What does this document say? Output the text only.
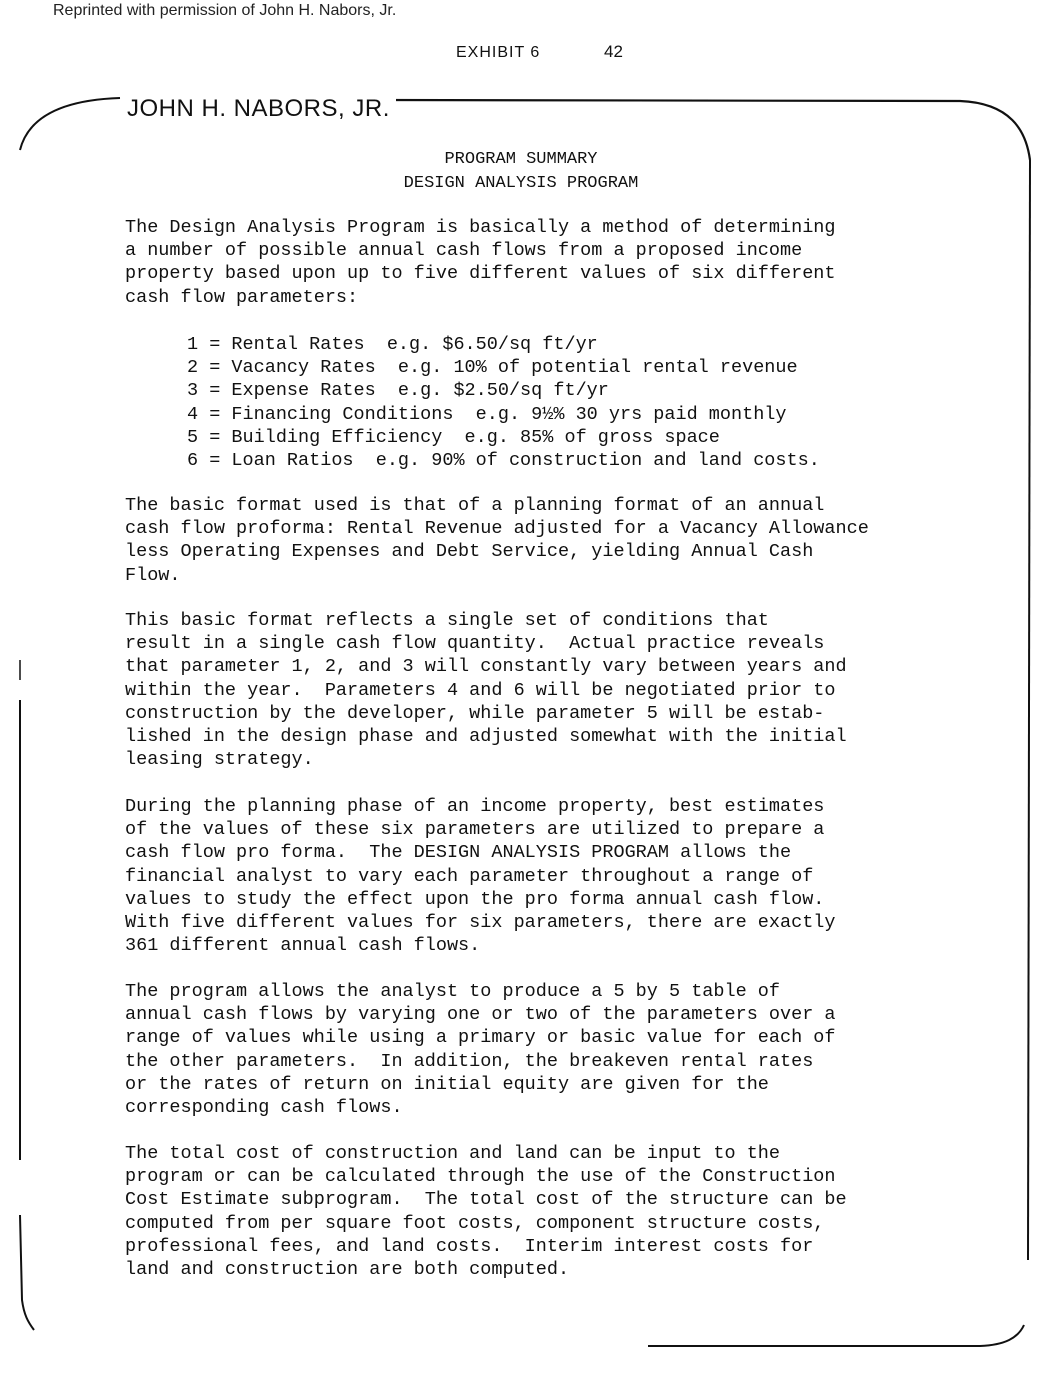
Reprinted with permission of John H. Nabors, Jr.
EXHIBIT 6	42
JOHN H. NABORS, JR.
PROGRAM SUMMARY
DESIGN ANALYSIS PROGRAM
The Design Analysis Program is basically a method of determining
a number of possible annual cash flows from a proposed income
property based upon up to five different values of six different
cash flow parameters:
1 = Rental Rates  e.g. $6.50/sq ft/yr
2 = Vacancy Rates  e.g. 10% of potential rental revenue
3 = Expense Rates  e.g. $2.50/sq ft/yr
4 = Financing Conditions  e.g. 9½% 30 yrs paid monthly
5 = Building Efficiency  e.g. 85% of gross space
6 = Loan Ratios  e.g. 90% of construction and land costs.
The basic format used is that of a planning format of an annual
cash flow proforma: Rental Revenue adjusted for a Vacancy Allowance
less Operating Expenses and Debt Service, yielding Annual Cash
Flow.
This basic format reflects a single set of conditions that
result in a single cash flow quantity.  Actual practice reveals
that parameter 1, 2, and 3 will constantly vary between years and
within the year.  Parameters 4 and 6 will be negotiated prior to
construction by the developer, while parameter 5 will be estab-
lished in the design phase and adjusted somewhat with the initial
leasing strategy.
During the planning phase of an income property, best estimates
of the values of these six parameters are utilized to prepare a
cash flow pro forma.  The DESIGN ANALYSIS PROGRAM allows the
financial analyst to vary each parameter throughout a range of
values to study the effect upon the pro forma annual cash flow.
With five different values for six parameters, there are exactly
361 different annual cash flows.
The program allows the analyst to produce a 5 by 5 table of
annual cash flows by varying one or two of the parameters over a
range of values while using a primary or basic value for each of
the other parameters.  In addition, the breakeven rental rates
or the rates of return on initial equity are given for the
corresponding cash flows.
The total cost of construction and land can be input to the
program or can be calculated through the use of the Construction
Cost Estimate subprogram.  The total cost of the structure can be
computed from per square foot costs, component structure costs,
professional fees, and land costs.  Interim interest costs for
land and construction are both computed.
